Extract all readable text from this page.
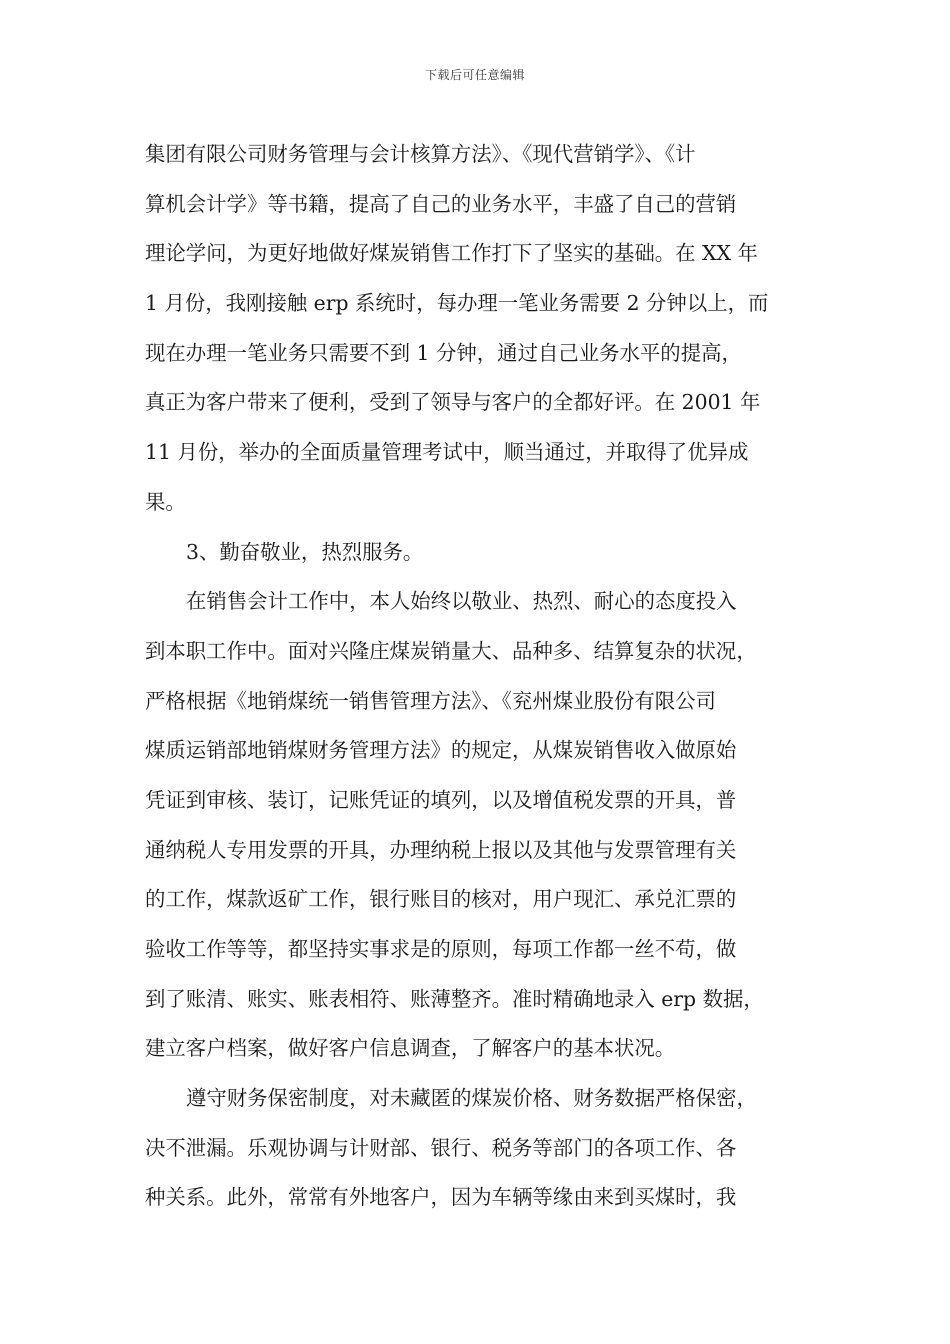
下载后可任意编辑
集团有限公司财务管理与会计核算方法》、《现代营销学》、《计
算机会计学》等书籍，提高了自己的业务水平，丰盛了自己的营销
理论学问，为更好地做好煤炭销售工作打下了坚实的基础。在 XX 年
1 月份，我刚接触 erp 系统时，每办理一笔业务需要 2 分钟以上，而
现在办理一笔业务只需要不到 1 分钟，通过自己业务水平的提高，
真正为客户带来了便利，受到了领导与客户的全都好评。在 2001 年
11 月份，举办的全面质量管理考试中，顺当通过，并取得了优异成
果。
3、勤奋敬业，热烈服务。
在销售会计工作中，本人始终以敬业、热烈、耐心的态度投入
到本职工作中。面对兴隆庄煤炭销量大、品种多、结算复杂的状况，
严格根据《地销煤统一销售管理方法》、《兖州煤业股份有限公司
煤质运销部地销煤财务管理方法》的规定，从煤炭销售收入做原始
凭证到审核、装订，记账凭证的填列，以及增值税发票的开具，普
通纳税人专用发票的开具，办理纳税上报以及其他与发票管理有关
的工作，煤款返矿工作，银行账目的核对，用户现汇、承兑汇票的
验收工作等等，都坚持实事求是的原则，每项工作都一丝不苟，做
到了账清、账实、账表相符、账薄整齐。准时精确地录入 erp 数据，
建立客户档案，做好客户信息调查，了解客户的基本状况。
遵守财务保密制度，对未藏匿的煤炭价格、财务数据严格保密，
决不泄漏。乐观协调与计财部、银行、税务等部门的各项工作、各
种关系。此外，常常有外地客户，因为车辆等缘由来到买煤时，我
